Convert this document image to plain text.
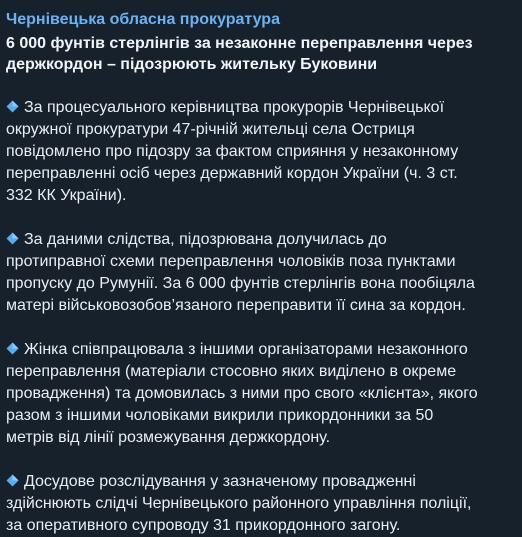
Чернівецька обласна прокуратура
6 000 фунтів стерлінгів за незаконне переправлення через
держкордон – підозрюють жительку Буковини
За процесуального керівництва прокурорів Чернівецької
окружної прокуратури 47-річній жительці села Остриця
повідомлено про підозру за фактом сприяння у незаконному
переправленні осіб через державний кордон України (ч. 3 ст.
332 КК України).
За даними слідства, підозрювана долучилась до
протиправної схеми переправлення чоловіків поза пунктами
пропуску до Румунії. За 6 000 фунтів стерлінгів вона пообіцяла
матері військовозобов’язаного переправити її сина за кордон.
Жінка співпрацювала з іншими організаторами незаконного
переправлення (матеріали стосовно яких виділено в окреме
провадження) та домовилась з ними про свого «клієнта», якого
разом з іншими чоловіками викрили прикордонники за 50
метрів від лінії розмежування держкордону.
Досудове розслідування у зазначеному провадженні
здійснюють слідчі Чернівецького районного управління поліції,
за оперативного супроводу 31 прикордонного загону.
